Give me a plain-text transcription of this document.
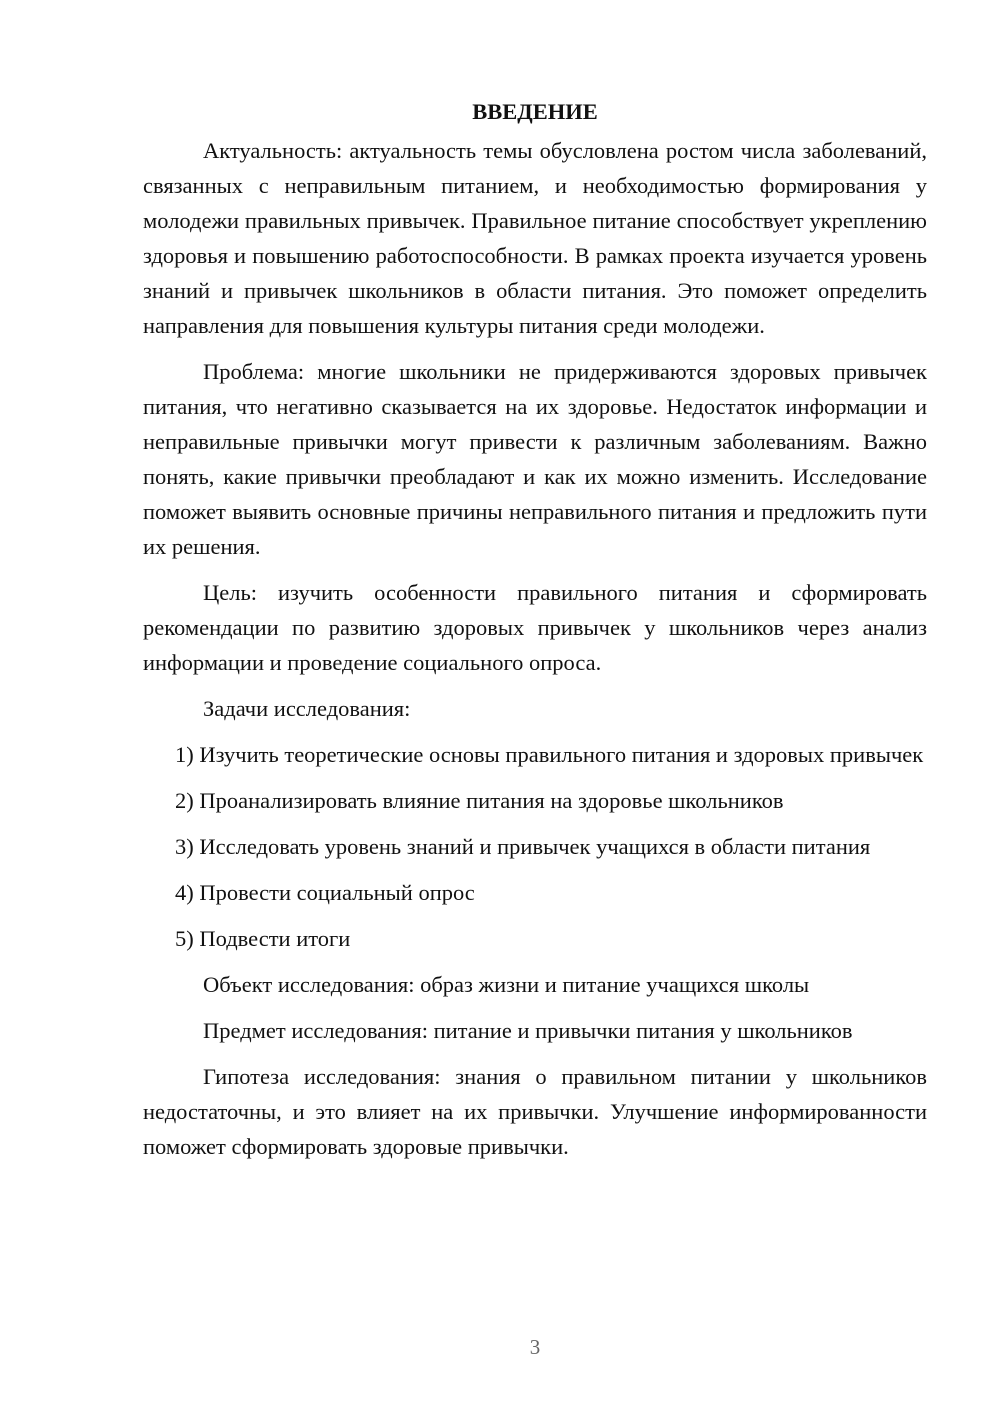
ВВЕДЕНИЕ

Актуальность: актуальность темы обусловлена ростом числа заболеваний, связанных с неправильным питанием, и необходимостью формирования у молодежи правильных привычек. Правильное питание способствует укреплению здоровья и повышению работоспособности. В рамках проекта изучается уровень знаний и привычек школьников в области питания. Это поможет определить направления для повышения культуры питания среди молодежи.

Проблема: многие школьники не придерживаются здоровых привычек питания, что негативно сказывается на их здоровье. Недостаток информации и неправильные привычки могут привести к различным заболеваниям. Важно понять, какие привычки преобладают и как их можно изменить. Исследование поможет выявить основные причины неправильного питания и предложить пути их решения.

Цель: изучить особенности правильного питания и сформировать рекомендации по развитию здоровых привычек у школьников через анализ информации и проведение социального опроса.

Задачи исследования:

1) Изучить теоретические основы правильного питания и здоровых привычек

2) Проанализировать влияние питания на здоровье школьников

3) Исследовать уровень знаний и привычек учащихся в области питания

4) Провести социальный опрос

5) Подвести итоги

Объект исследования: образ жизни и питание учащихся школы

Предмет исследования: питание и привычки питания у школьников

Гипотеза исследования: знания о правильном питании у школьников недостаточны, и это влияет на их привычки. Улучшение информированности поможет сформировать здоровые привычки.

3
